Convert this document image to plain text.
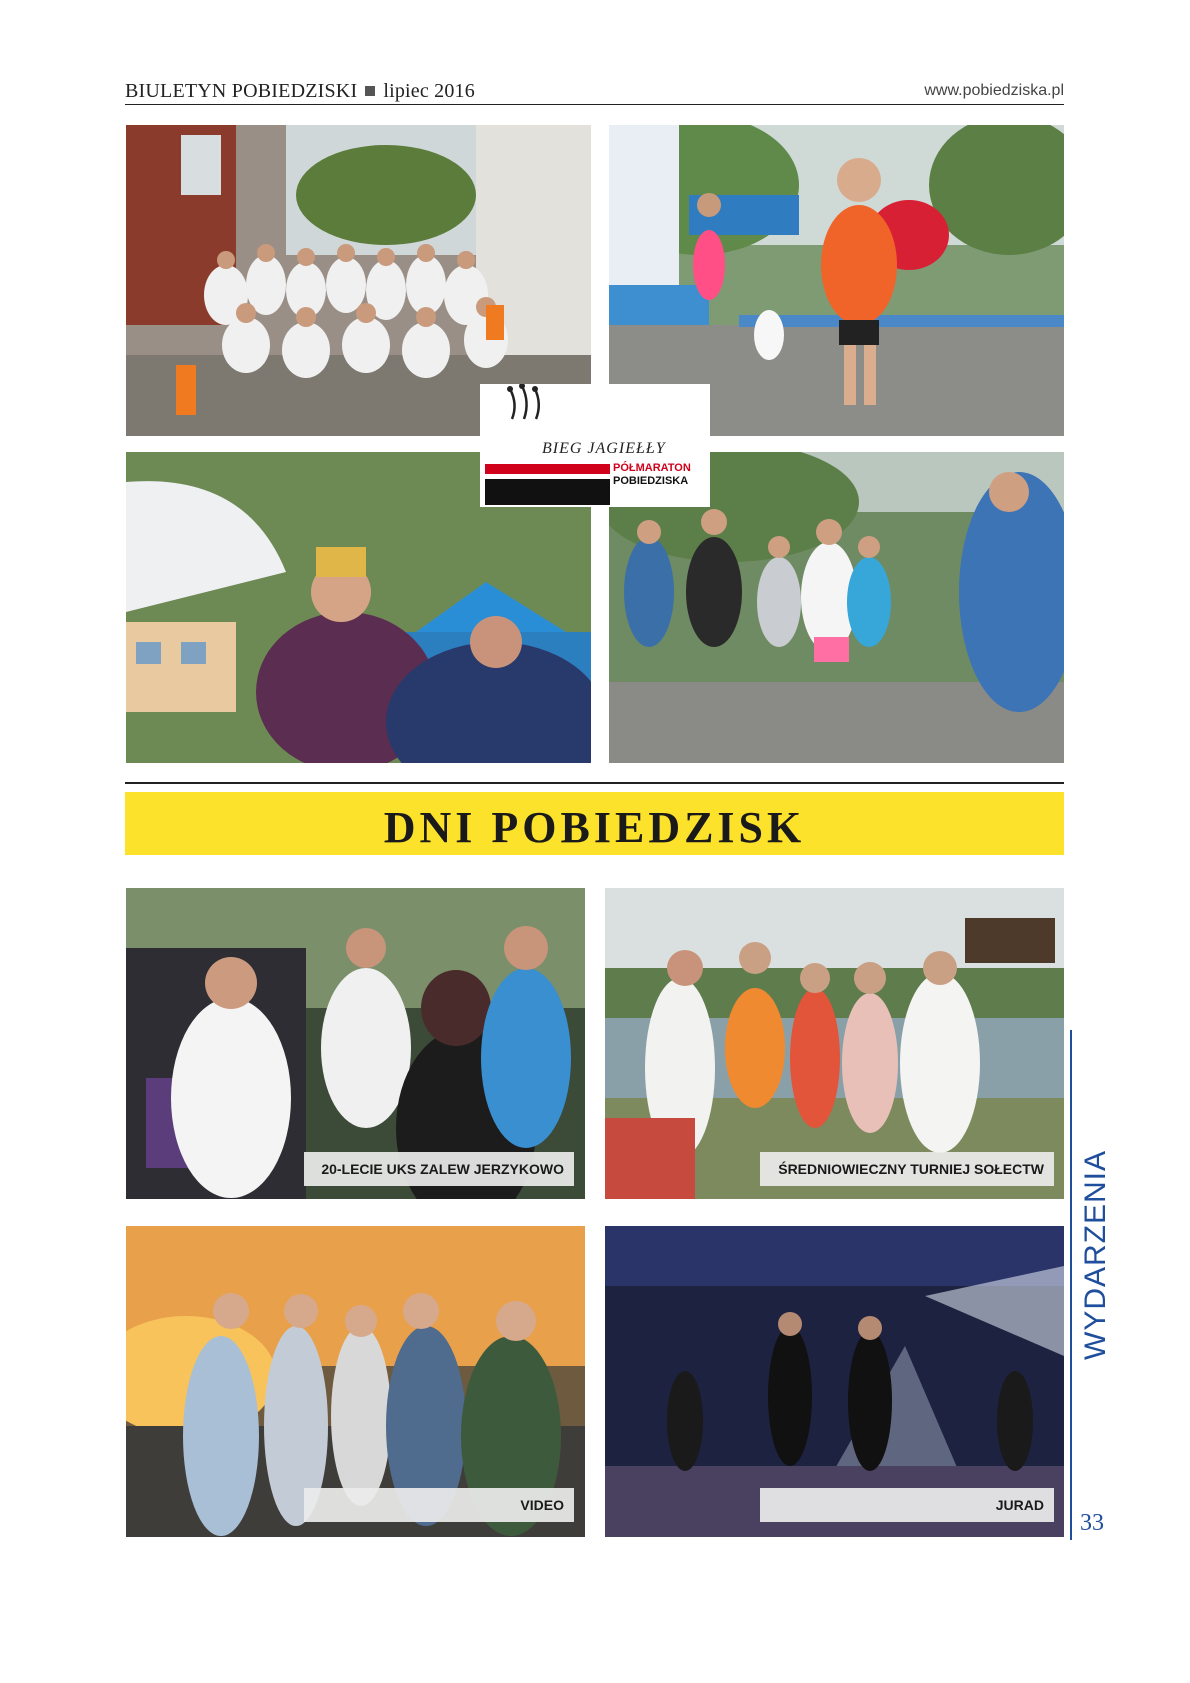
BIULETYN POBIEDZISKI lipiec 2016	www.pobiedziska.pl
BIEG JAGIEŁŁY
PÓŁMARATON
POBIEDZISKA
DNI POBIEDZISK
20-LECIE UKS ZALEW JERZYKOWO	ŚREDNIOWIECZNY TURNIEJ SOŁECTW
VIDEO	JURAD
WYDARZENIA
33
